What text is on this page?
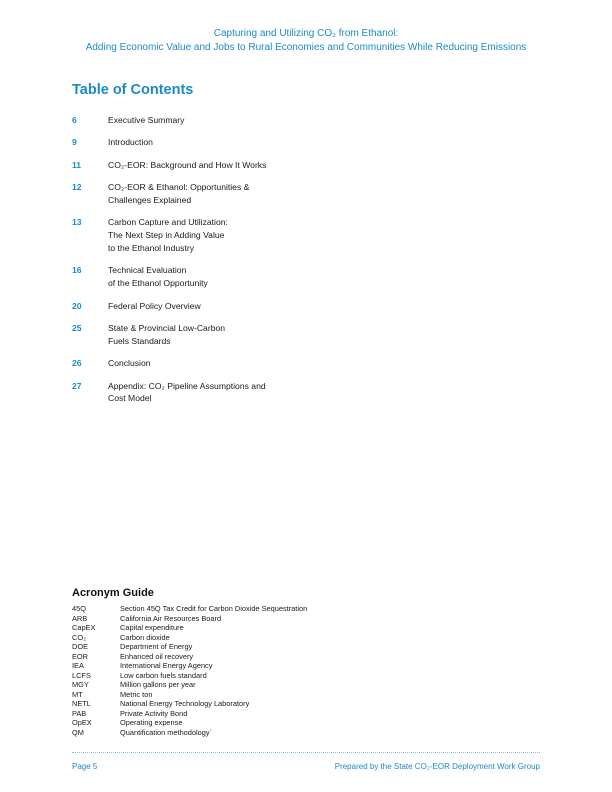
Capturing and Utilizing CO₂ from Ethanol:
Adding Economic Value and Jobs to Rural Economies and Communities While Reducing Emissions
Table of Contents
6	Executive Summary
9	Introduction
11	CO₂-EOR: Background and How It Works
12	CO₂-EOR & Ethanol: Opportunities &
Challenges Explained
13	Carbon Capture and Utilization:
The Next Step in Adding Value
to the Ethanol Industry
16	Technical Evaluation
of the Ethanol Opportunity
20	Federal Policy Overview
25	State & Provincial Low-Carbon
Fuels Standards
26	Conclusion
27	Appendix: CO₂ Pipeline Assumptions and
Cost Model
Acronym Guide
45Q	Section 45Q Tax Credit for Carbon Dioxide Sequestration
ARB	California Air Resources Board
CapEX	Capital expenditure
CO₂	Carbon dioxide
DOE	Department of Energy
EOR	Enhanced oil recovery
IEA	International Energy Agency
LCFS	Low carbon fuels standard
MGY	Million gallons per year
MT	Metric ton
NETL	National Energy Technology Laboratory
PAB	Private Activity Bond
OpEX	Operating expense
QM	Quantification methodology`
Page 5	Prepared by the State CO₂-EOR Deployment Work Group
